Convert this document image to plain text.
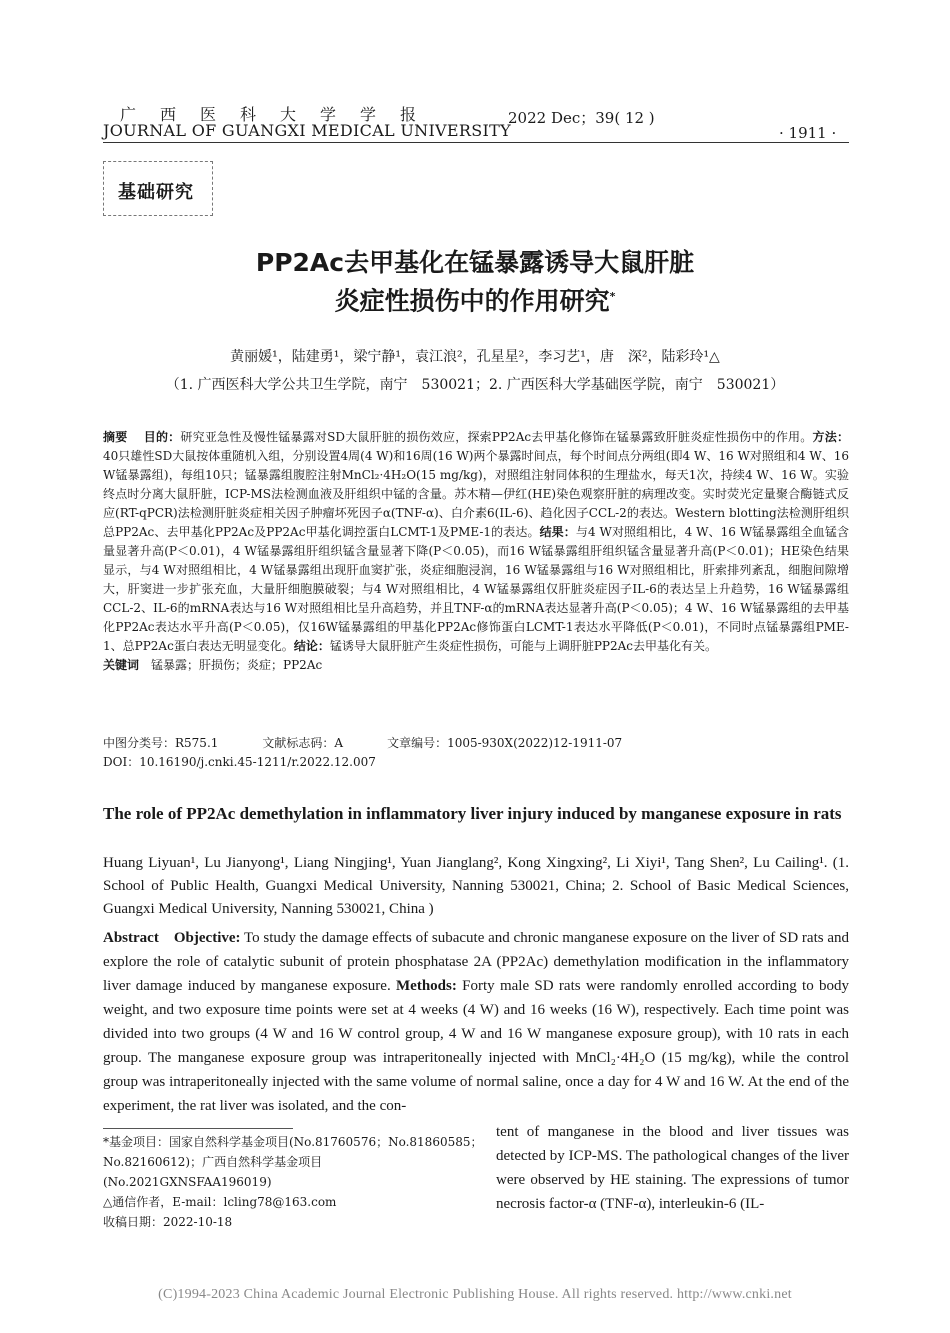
广西医科大学学报
JOURNAL OF GUANGXI MEDICAL UNIVERSITY
2022 Dec；39( 12 )
· 1911 ·
基础研究
PP2Ac去甲基化在锰暴露诱导大鼠肝脏
炎症性损伤中的作用研究*
黄丽媛¹，陆建勇¹，梁宁静¹，袁江浪²，孔星星²，李习艺¹，唐　深²，陆彩玲¹△
（1. 广西医科大学公共卫生学院，南宁　530021；2. 广西医科大学基础医学院，南宁　530021）
摘要　 目的：研究亚急性及慢性锰暴露对SD大鼠肝脏的损伤效应，探索PP2Ac去甲基化修饰在锰暴露致肝脏炎症性损伤中的作用。方法：40只雄性SD大鼠按体重随机入组，分别设置4周(4 W)和16周(16 W)两个暴露时间点，每个时间点分两组(即4 W、16 W对照组和4 W、16 W锰暴露组)，每组10只；锰暴露组腹腔注射MnCl₂·4H₂O(15 mg/kg)，对照组注射同体积的生理盐水，每天1次，持续4 W、16 W。实验终点时分离大鼠肝脏，ICP-MS法检测血液及肝组织中锰的含量。苏木精—伊红(HE)染色观察肝脏的病理改变。实时荧光定量聚合酶链式反应(RT-qPCR)法检测肝脏炎症相关因子肿瘤坏死因子α(TNF-α)、白介素6(IL-6)、趋化因子CCL-2的表达。Western blotting法检测肝组织总PP2Ac、去甲基化PP2Ac及PP2Ac甲基化调控蛋白LCMT-1及PME-1的表达。结果：与4 W对照组相比，4 W、16 W锰暴露组全血锰含量显著升高(P＜0.01)，4 W锰暴露组肝组织锰含量显著下降(P＜0.05)，而16 W锰暴露组肝组织锰含量显著升高(P＜0.01)；HE染色结果显示，与4 W对照组相比，4 W锰暴露组出现肝血窦扩张，炎症细胞浸润，16 W锰暴露组与16 W对照组相比，肝索排列紊乱，细胞间隙增大，肝窦进一步扩张充血，大量肝细胞膜破裂；与4 W对照组相比，4 W锰暴露组仅肝脏炎症因子IL-6的表达呈上升趋势，16 W锰暴露组CCL-2、IL-6的mRNA表达与16 W对照组相比呈升高趋势，并且TNF-α的mRNA表达显著升高(P＜0.05)；4 W、16 W锰暴露组的去甲基化PP2Ac表达水平升高(P＜0.05)，仅16W锰暴露组的甲基化PP2Ac修饰蛋白LCMT-1表达水平降低(P＜0.01)，不同时点锰暴露组PME-1、总PP2Ac蛋白表达无明显变化。结论：锰诱导大鼠肝脏产生炎症性损伤，可能与上调肝脏PP2Ac去甲基化有关。
关键词　 锰暴露；肝损伤；炎症；PP2Ac
中图分类号：R575.1	文献标志码：A	文章编号：1005-930X(2022)12-1911-07
DOI：10.16190/j.cnki.45-1211/r.2022.12.007
The role of PP2Ac demethylation in inflammatory liver injury induced by manganese exposure in rats
Huang Liyuan¹, Lu Jianyong¹, Liang Ningjing¹, Yuan Jianglang², Kong Xingxing², Li Xiyi¹, Tang Shen², Lu Cailing¹. (1. School of Public Health, Guangxi Medical University, Nanning 530021, China; 2. School of Basic Medical Sciences, Guangxi Medical University, Nanning 530021, China )
Abstract Objective: To study the damage effects of subacute and chronic manganese exposure on the liver of SD rats and explore the role of catalytic subunit of protein phosphatase 2A (PP2Ac) demethylation modification in the inflammatory liver damage induced by manganese exposure. Methods: Forty male SD rats were randomly enrolled according to body weight, and two exposure time points were set at 4 weeks (4 W) and 16 weeks (16 W), respectively. Each time point was divided into two groups (4 W and 16 W control group, 4 W and 16 W manganese exposure group), with 10 rats in each group. The manganese exposure group was intraperitoneally injected with MnCl₂·4H₂O (15 mg/kg), while the control group was intraperitoneally injected with the same volume of normal saline, once a day for 4 W and 16 W. At the end of the experiment, the rat liver was isolated, and the con-
tent of manganese in the blood and liver tissues was detected by ICP-MS. The pathological changes of the liver were observed by HE staining. The expressions of tumor necrosis factor-α (TNF-α), interleukin-6 (IL-
*基金项目：国家自然科学基金项目(No.81760576；No.81860585；No.82160612)；广西自然科学基金项目(No.2021GXNSFAA196019)
△通信作者，E-mail：lcling78@163.com
收稿日期：2022-10-18
(C)1994-2023 China Academic Journal Electronic Publishing House. All rights reserved. http://www.cnki.net
